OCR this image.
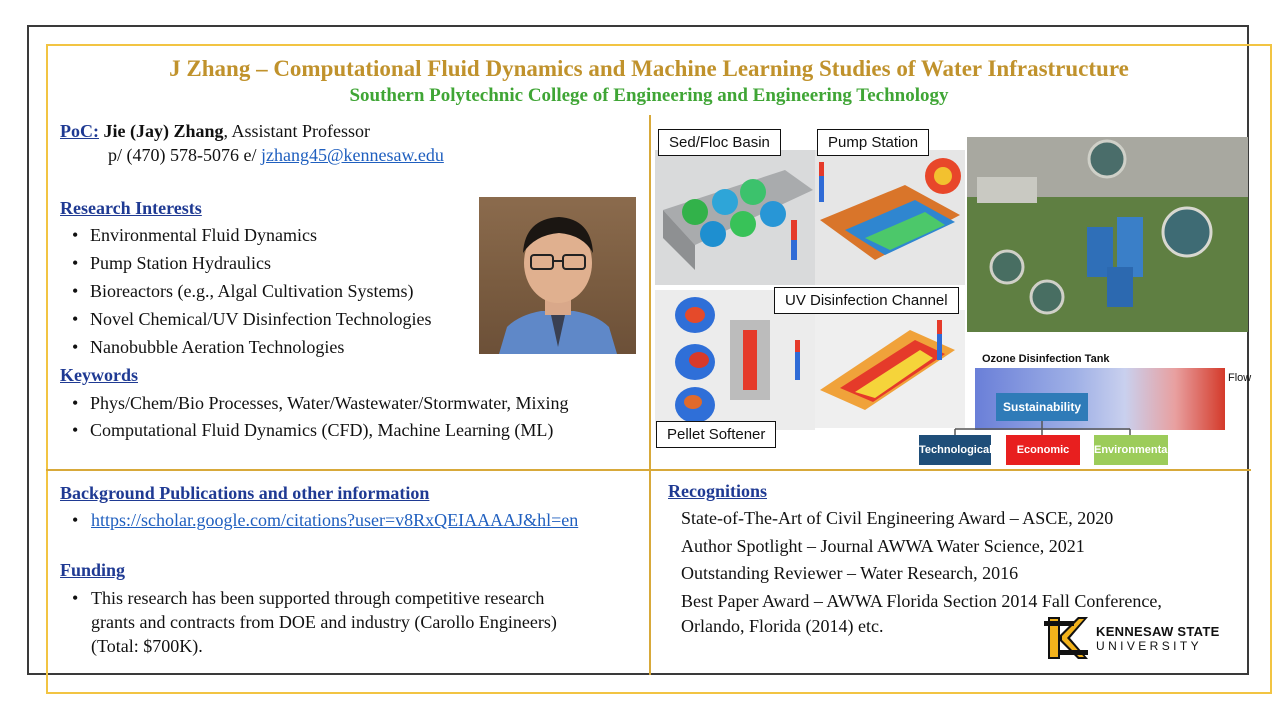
J Zhang – Computational Fluid Dynamics and Machine Learning Studies of Water Infrastructure
Southern Polytechnic College of Engineering and Engineering Technology
PoC: Jie (Jay) Zhang, Assistant Professor
p/ (470) 578-5076 e/ jzhang45@kennesaw.edu
Research Interests
• Environmental Fluid Dynamics
• Pump Station Hydraulics
• Bioreactors (e.g., Algal Cultivation Systems)
• Novel Chemical/UV Disinfection Technologies
• Nanobubble Aeration Technologies
Keywords
• Phys/Chem/Bio Processes, Water/Wastewater/Stormwater, Mixing
• Computational Fluid Dynamics (CFD), Machine Learning (ML)
Sed/Floc Basin	Pump Station
UV Disinfection Channel
Pellet Softener
Ozone Disinfection Tank
Flow
Sustainability
Technological	Economic	Environmental
Background Publications and other information
• https://scholar.google.com/citations?user=v8RxQEIAAAAJ&hl=en
Funding
• This research has been supported through competitive research
grants and contracts from DOE and industry (Carollo Engineers)
(Total: $700K).
Recognitions
State-of-The-Art of Civil Engineering Award – ASCE, 2020
Author Spotlight – Journal AWWA Water Science, 2021
Outstanding Reviewer – Water Research, 2016
Best Paper Award – AWWA Florida Section 2014 Fall Conference,
Orlando, Florida (2014) etc.	KENNESAW STATE
UNIVERSITY
